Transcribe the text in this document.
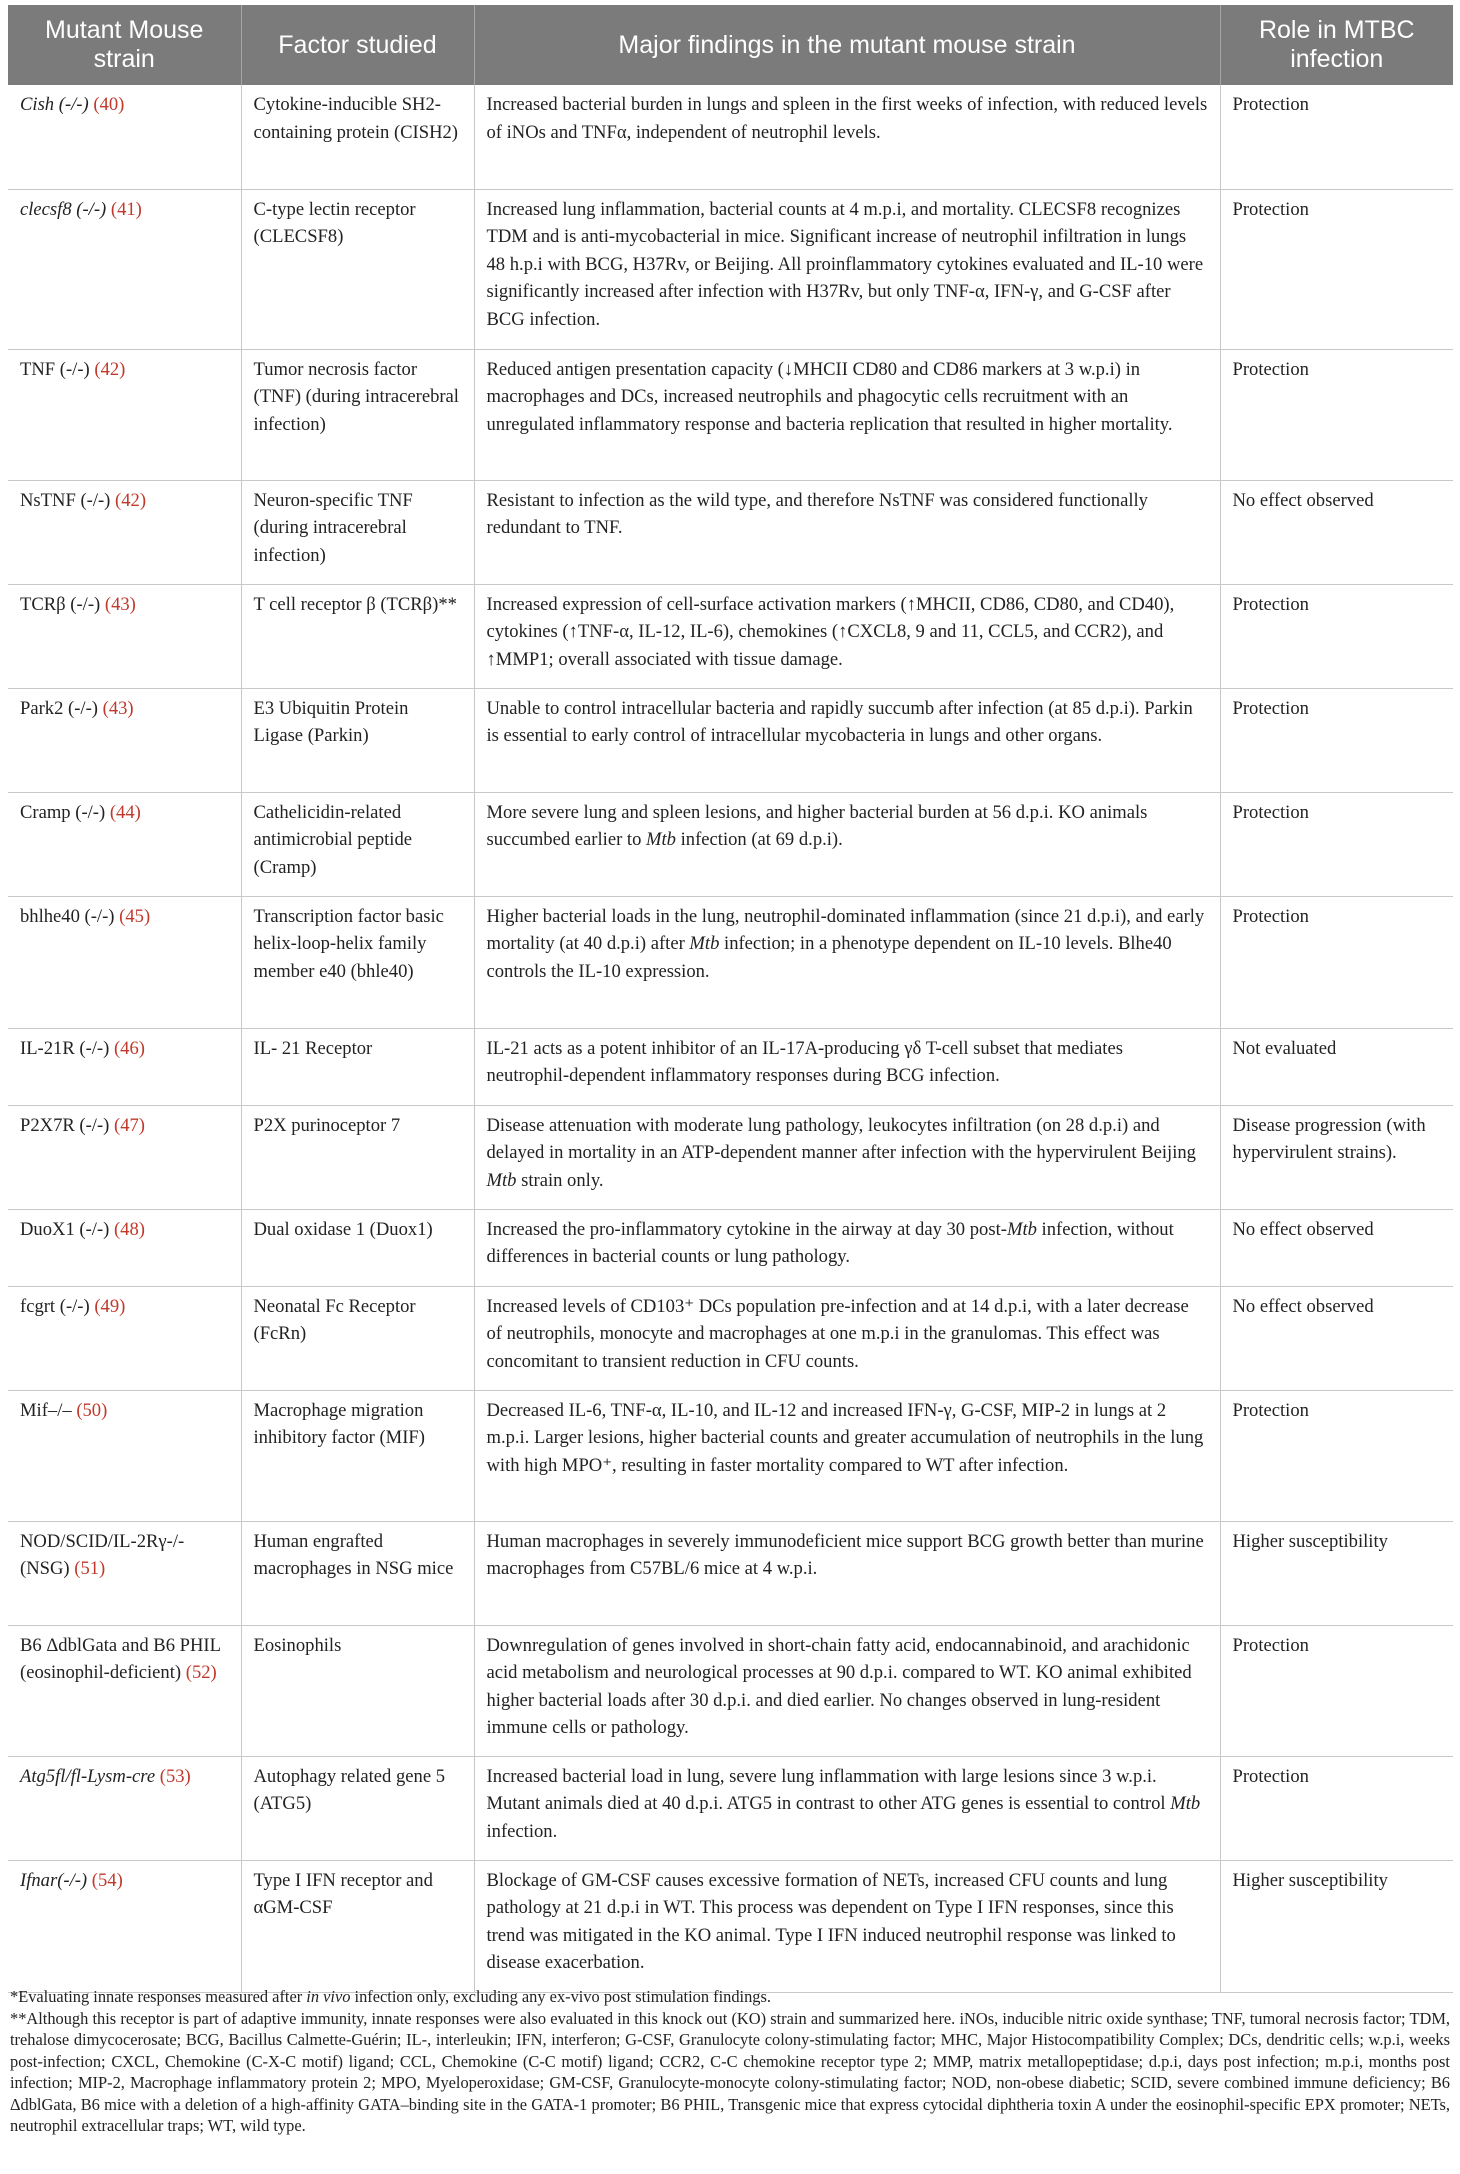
Mutant Mouse strain	Factor studied	Major findings in the mutant mouse strain	Role in MTBC infection
Cish (-/-) (40)	Cytokine-inducible SH2-containing protein (CISH2)	Increased bacterial burden in lungs and spleen in the first weeks of infection, with reduced levels of iNOs and TNFα, independent of neutrophil levels.	Protection
clecsf8 (-/-) (41)	C-type lectin receptor (CLECSF8)	Increased lung inflammation, bacterial counts at 4 m.p.i, and mortality. CLECSF8 recognizes TDM and is anti-mycobacterial in mice. Significant increase of neutrophil infiltration in lungs 48 h.p.i with BCG, H37Rv, or Beijing. All proinflammatory cytokines evaluated and IL-10 were significantly increased after infection with H37Rv, but only TNF-α, IFN-γ, and G-CSF after BCG infection.	Protection
TNF (-/-) (42)	Tumor necrosis factor (TNF) (during intracerebral infection)	Reduced antigen presentation capacity (↓MHCII CD80 and CD86 markers at 3 w.p.i) in macrophages and DCs, increased neutrophils and phagocytic cells recruitment with an unregulated inflammatory response and bacteria replication that resulted in higher mortality.	Protection
NsTNF (-/-) (42)	Neuron-specific TNF (during intracerebral infection)	Resistant to infection as the wild type, and therefore NsTNF was considered functionally redundant to TNF.	No effect observed
TCRβ (-/-) (43)	T cell receptor β (TCRβ)**	Increased expression of cell-surface activation markers (↑MHCII, CD86, CD80, and CD40), cytokines (↑TNF-α, IL-12, IL-6), chemokines (↑CXCL8, 9 and 11, CCL5, and CCR2), and ↑MMP1; overall associated with tissue damage.	Protection
Park2 (-/-) (43)	E3 Ubiquitin Protein Ligase (Parkin)	Unable to control intracellular bacteria and rapidly succumb after infection (at 85 d.p.i). Parkin is essential to early control of intracellular mycobacteria in lungs and other organs.	Protection
Cramp (-/-) (44)	Cathelicidin-related antimicrobial peptide (Cramp)	More severe lung and spleen lesions, and higher bacterial burden at 56 d.p.i. KO animals succumbed earlier to Mtb infection (at 69 d.p.i).	Protection
bhlhe40 (-/-) (45)	Transcription factor basic helix-loop-helix family member e40 (bhle40)	Higher bacterial loads in the lung, neutrophil-dominated inflammation (since 21 d.p.i), and early mortality (at 40 d.p.i) after Mtb infection; in a phenotype dependent on IL-10 levels. Blhe40 controls the IL-10 expression.	Protection
IL-21R (-/-) (46)	IL- 21 Receptor	IL-21 acts as a potent inhibitor of an IL-17A-producing γδ T-cell subset that mediates neutrophil-dependent inflammatory responses during BCG infection.	Not evaluated
P2X7R (-/-) (47)	P2X purinoceptor 7	Disease attenuation with moderate lung pathology, leukocytes infiltration (on 28 d.p.i) and delayed in mortality in an ATP-dependent manner after infection with the hypervirulent Beijing Mtb strain only.	Disease progression (with hypervirulent strains).
DuoX1 (-/-) (48)	Dual oxidase 1 (Duox1)	Increased the pro-inflammatory cytokine in the airway at day 30 post-Mtb infection, without differences in bacterial counts or lung pathology.	No effect observed
fcgrt (-/-) (49)	Neonatal Fc Receptor (FcRn)	Increased levels of CD103⁺ DCs population pre-infection and at 14 d.p.i, with a later decrease of neutrophils, monocyte and macrophages at one m.p.i in the granulomas. This effect was concomitant to transient reduction in CFU counts.	No effect observed
Mif–/– (50)	Macrophage migration inhibitory factor (MIF)	Decreased IL-6, TNF-α, IL-10, and IL-12 and increased IFN-γ, G-CSF, MIP-2 in lungs at 2 m.p.i. Larger lesions, higher bacterial counts and greater accumulation of neutrophils in the lung with high MPO⁺, resulting in faster mortality compared to WT after infection.	Protection
NOD/SCID/IL-2Rγ-/- (NSG) (51)	Human engrafted macrophages in NSG mice	Human macrophages in severely immunodeficient mice support BCG growth better than murine macrophages from C57BL/6 mice at 4 w.p.i.	Higher susceptibility
B6 ΔdblGata and B6 PHIL (eosinophil-deficient) (52)	Eosinophils	Downregulation of genes involved in short-chain fatty acid, endocannabinoid, and arachidonic acid metabolism and neurological processes at 90 d.p.i. compared to WT. KO animal exhibited higher bacterial loads after 30 d.p.i. and died earlier. No changes observed in lung-resident immune cells or pathology.	Protection
Atg5fl/fl-Lysm-cre (53)	Autophagy related gene 5 (ATG5)	Increased bacterial load in lung, severe lung inflammation with large lesions since 3 w.p.i. Mutant animals died at 40 d.p.i. ATG5 in contrast to other ATG genes is essential to control Mtb infection.	Protection
Ifnar(-/-) (54)	Type I IFN receptor and αGM-CSF	Blockage of GM-CSF causes excessive formation of NETs, increased CFU counts and lung pathology at 21 d.p.i in WT. This process was dependent on Type I IFN responses, since this trend was mitigated in the KO animal. Type I IFN induced neutrophil response was linked to disease exacerbation.	Higher susceptibility

*Evaluating innate responses measured after in vivo infection only, excluding any ex-vivo post stimulation findings.

**Although this receptor is part of adaptive immunity, innate responses were also evaluated in this knock out (KO) strain and summarized here. iNOs, inducible nitric oxide synthase; TNF, tumoral necrosis factor; TDM, trehalose dimycocerosate; BCG, Bacillus Calmette-Guérin; IL-, interleukin; IFN, interferon; G-CSF, Granulocyte colony-stimulating factor; MHC, Major Histocompatibility Complex; DCs, dendritic cells; w.p.i, weeks post-infection; CXCL, Chemokine (C-X-C motif) ligand; CCL, Chemokine (C-C motif) ligand; CCR2, C-C chemokine receptor type 2; MMP, matrix metallopeptidase; d.p.i, days post infection; m.p.i, months post infection; MIP-2, Macrophage inflammatory protein 2; MPO, Myeloperoxidase; GM-CSF, Granulocyte-monocyte colony-stimulating factor; NOD, non-obese diabetic; SCID, severe combined immune deficiency; B6 ΔdblGata, B6 mice with a deletion of a high-affinity GATA–binding site in the GATA-1 promoter; B6 PHIL, Transgenic mice that express cytocidal diphtheria toxin A under the eosinophil-specific EPX promoter; NETs, neutrophil extracellular traps; WT, wild type.
